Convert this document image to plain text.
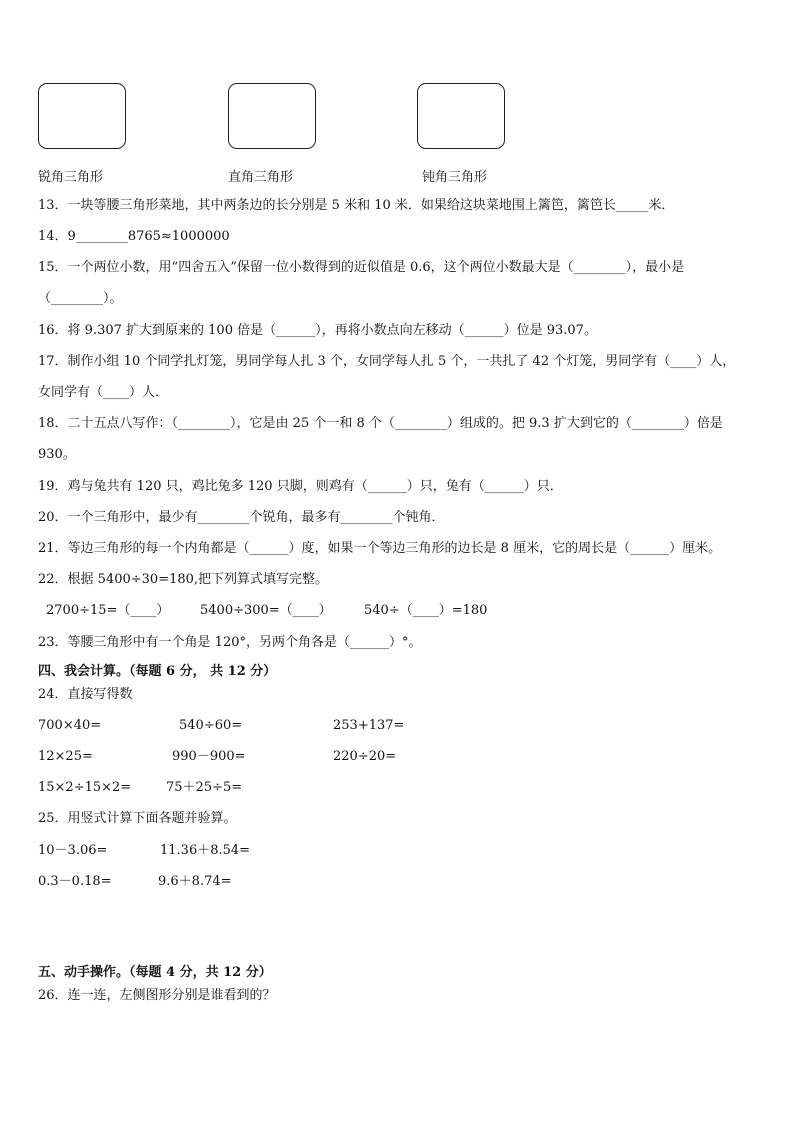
锐角三角形	直角三角形	钝角三角形
13．一块等腰三角形菜地，其中两条边的长分别是 5 米和 10 米．如果给这块菜地围上篱笆，篱笆长_____米．
14．9________8765≈1000000
15．一个两位小数，用“四舍五入”保留一位小数得到的近似值是 0.6，这个两位小数最大是（________），最小是
（________）。
16．将 9.307 扩大到原来的 100 倍是（______），再将小数点向左移动（______）位是 93.07。
17．制作小组 10 个同学扎灯笼，男同学每人扎 3 个，女同学每人扎 5 个，一共扎了 42 个灯笼，男同学有（____）人，
女同学有（____）人．
18．二十五点八写作：（________），它是由 25 个一和 8 个（________）组成的。把 9.3 扩大到它的（________）倍是
930。
19．鸡与兔共有 120 只，鸡比兔多 120 只脚，则鸡有（______）只，兔有（______）只．
20．一个三角形中，最少有________个锐角，最多有________个钝角．
21．等边三角形的每一个内角都是（______）度，如果一个等边三角形的边长是 8 厘米，它的周长是（______）厘米。
22．根据 5400÷30=180,把下列算式填写完整。
2700÷15=（____） 5400÷300=（____） 540÷（____）=180
23．等腰三角形中有一个角是 120°，另两个角各是（______）°。
四、我会计算。（每题 6 分， 共 12 分）
24．直接写得数
700×40=	540÷60=	253+137=
12×25=	990－900=	220÷20=
15×2÷15×2=	75＋25÷5=
25．用竖式计算下面各题并验算。
10－3.06=	11.36＋8.54=
0.3－0.18=	9.6＋8.74=
五、动手操作。（每题 4 分，共 12 分）
26．连一连，左侧图形分别是谁看到的？
